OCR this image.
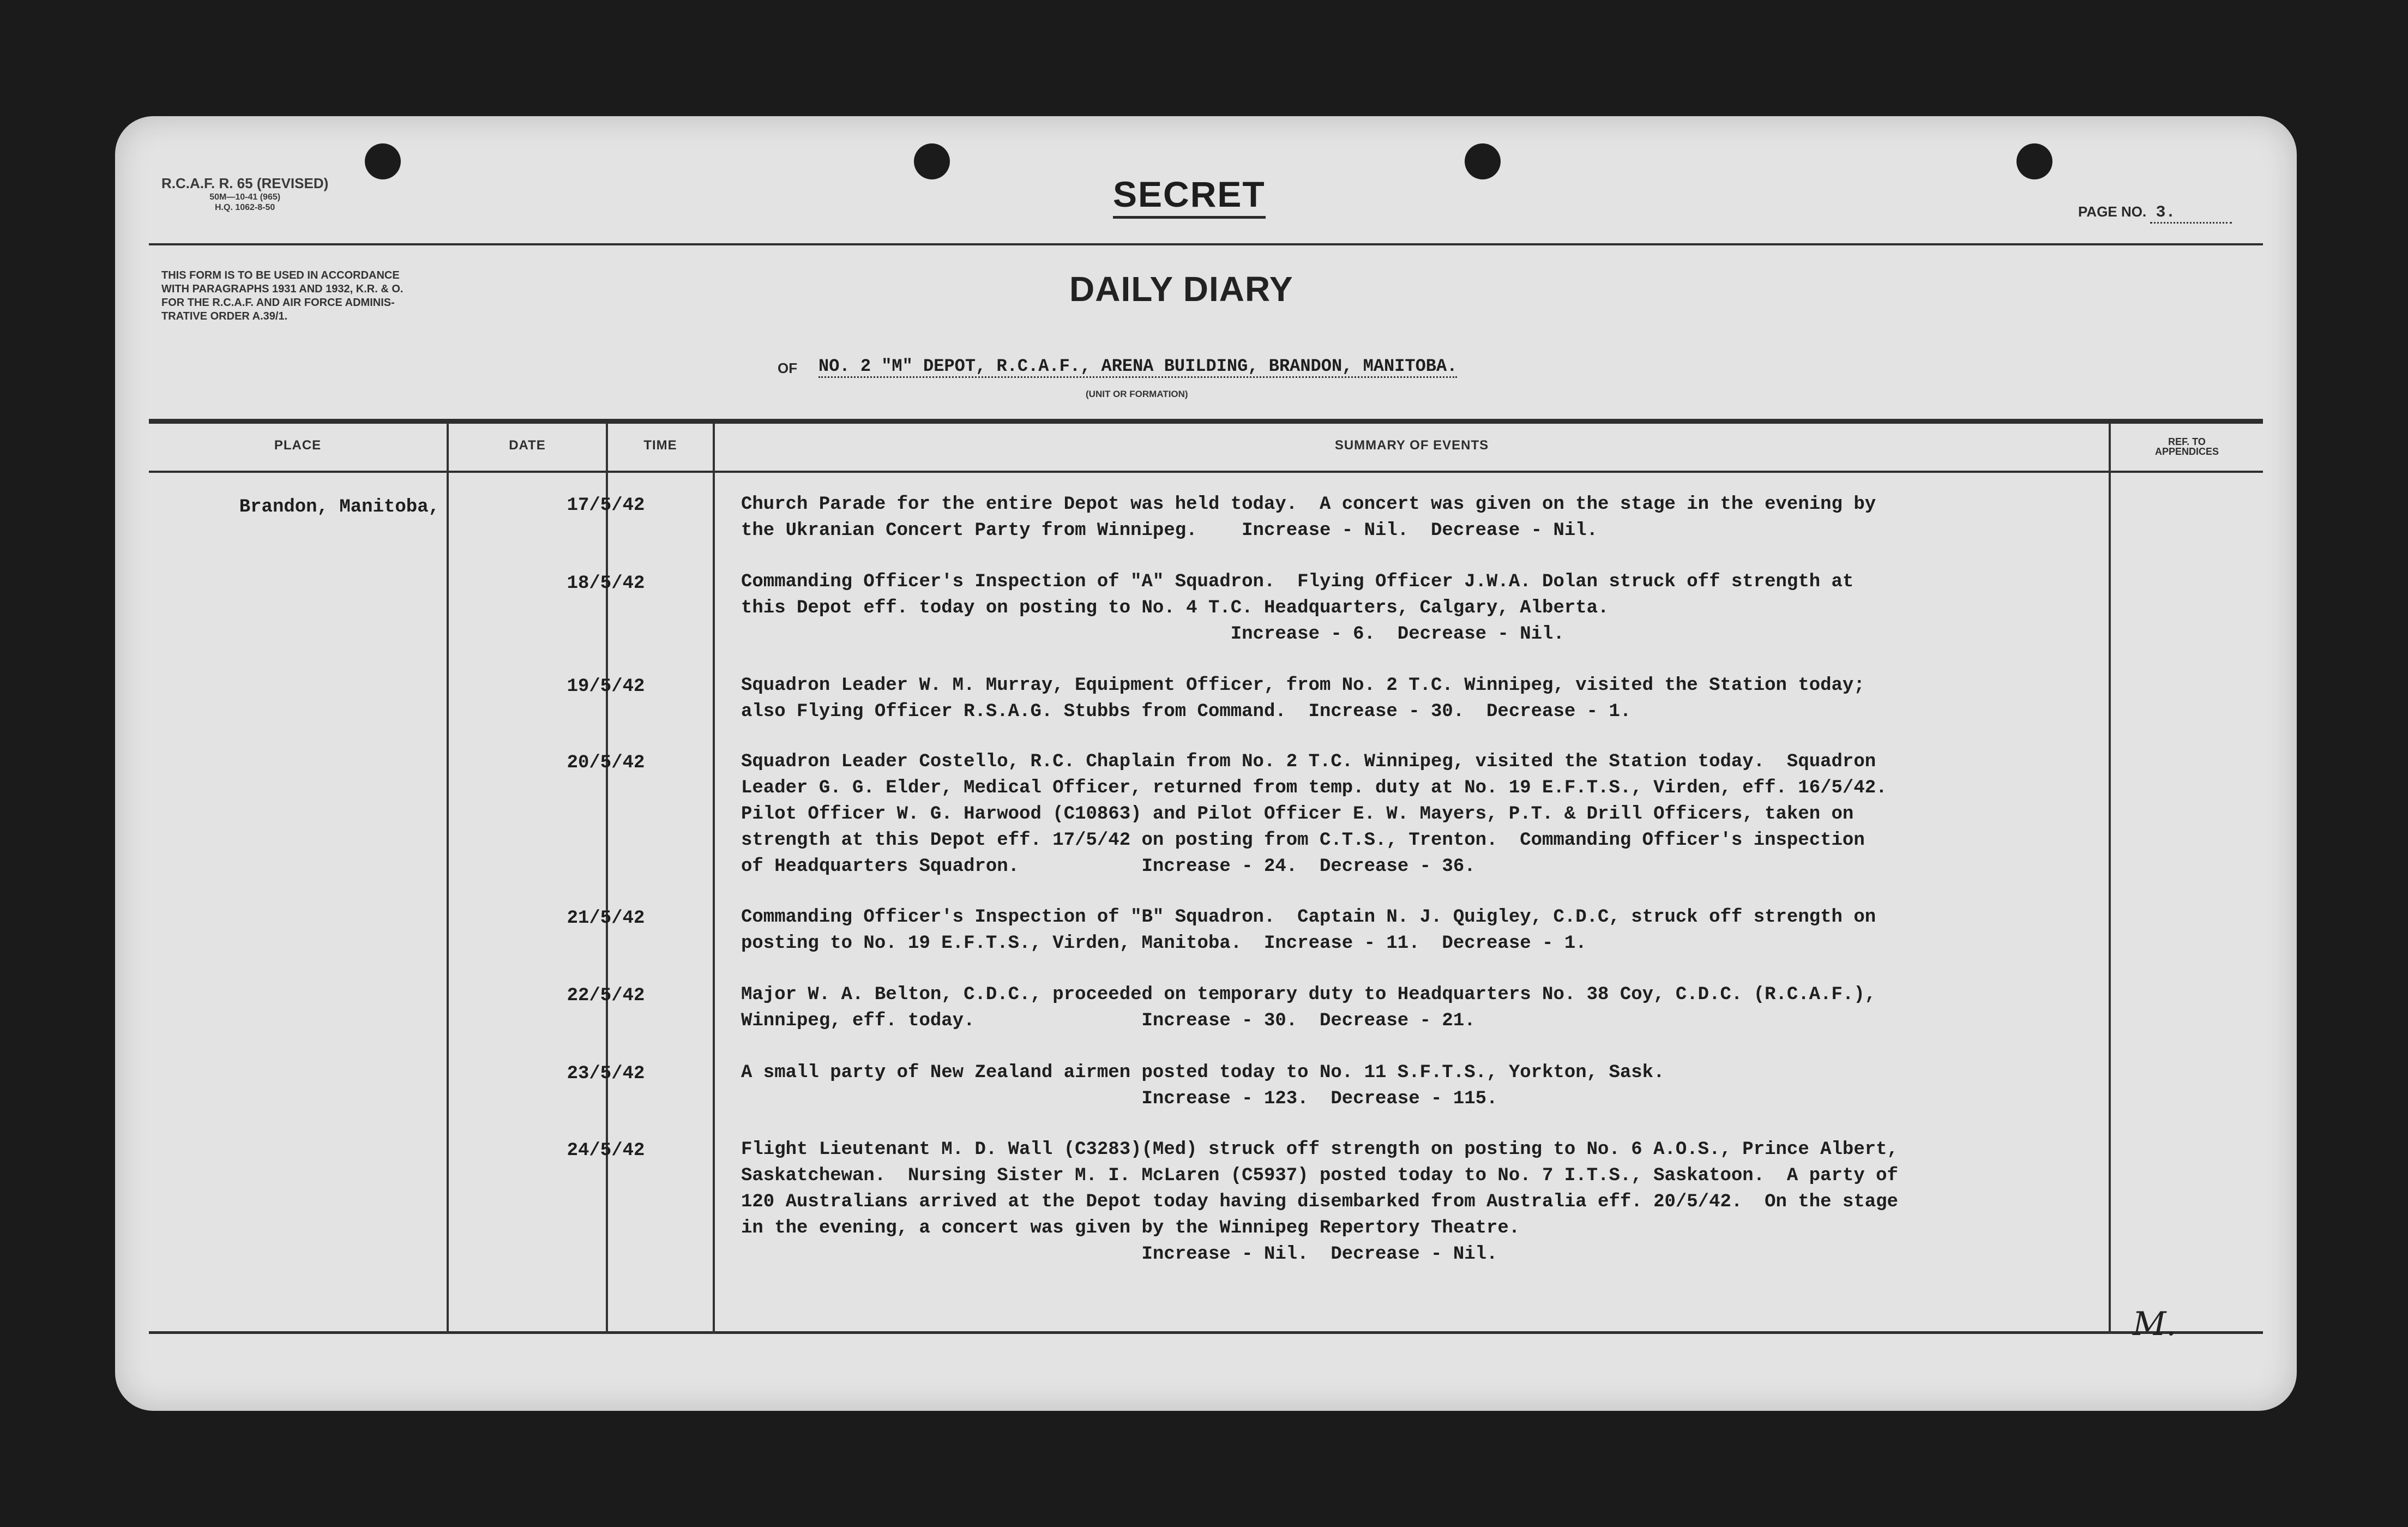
R.C.A.F. R. 65 (REVISED)
50M—10-41 (965)
H.Q. 1062-8-50	SECRET	PAGE NO. 3.
THIS FORM IS TO BE USED IN ACCORDANCE
WITH PARAGRAPHS 1931 AND 1932, K.R. & O.
FOR THE R.C.A.F. AND AIR FORCE ADMINIS-
TRATIVE ORDER A.39/1.
DAILY DIARY
OF NO. 2 "M" DEPOT, R.C.A.F., ARENA BUILDING, BRANDON, MANITOBA.
(UNIT OR FORMATION)
PLACE	DATE	TIME	SUMMARY OF EVENTS	REF. TO
APPENDICES
Brandon, Manitoba,	17/5/42	Church Parade for the entire Depot was held today.  A concert was given on the stage in the evening by
the Ukranian Concert Party from Winnipeg.    Increase - Nil.  Decrease - Nil.
18/5/42	Commanding Officer's Inspection of "A" Squadron.  Flying Officer J.W.A. Dolan struck off strength at
this Depot eff. today on posting to No. 4 T.C. Headquarters, Calgary, Alberta.
Increase - 6.  Decrease - Nil.
19/5/42	Squadron Leader W. M. Murray, Equipment Officer, from No. 2 T.C. Winnipeg, visited the Station today;
also Flying Officer R.S.A.G. Stubbs from Command.  Increase - 30.  Decrease - 1.
20/5/42	Squadron Leader Costello, R.C. Chaplain from No. 2 T.C. Winnipeg, visited the Station today.  Squadron
Leader G. G. Elder, Medical Officer, returned from temp. duty at No. 19 E.F.T.S., Virden, eff. 16/5/42.
Pilot Officer W. G. Harwood (C10863) and Pilot Officer E. W. Mayers, P.T. & Drill Officers, taken on
strength at this Depot eff. 17/5/42 on posting from C.T.S., Trenton.  Commanding Officer's inspection
of Headquarters Squadron.           Increase - 24.  Decrease - 36.
21/5/42	Commanding Officer's Inspection of "B" Squadron.  Captain N. J. Quigley, C.D.C, struck off strength on
posting to No. 19 E.F.T.S., Virden, Manitoba.  Increase - 11.  Decrease - 1.
22/5/42	Major W. A. Belton, C.D.C., proceeded on temporary duty to Headquarters No. 38 Coy, C.D.C. (R.C.A.F.),
Winnipeg, eff. today.               Increase - 30.  Decrease - 21.
23/5/42	A small party of New Zealand airmen posted today to No. 11 S.F.T.S., Yorkton, Sask.
Increase - 123.  Decrease - 115.
24/5/42	Flight Lieutenant M. D. Wall (C3283)(Med) struck off strength on posting to No. 6 A.O.S., Prince Albert,
Saskatchewan.  Nursing Sister M. I. McLaren (C5937) posted today to No. 7 I.T.S., Saskatoon.  A party of
120 Australians arrived at the Depot today having disembarked from Australia eff. 20/5/42.  On the stage
in the evening, a concert was given by the Winnipeg Repertory Theatre.
Increase - Nil.  Decrease - Nil.
M.
